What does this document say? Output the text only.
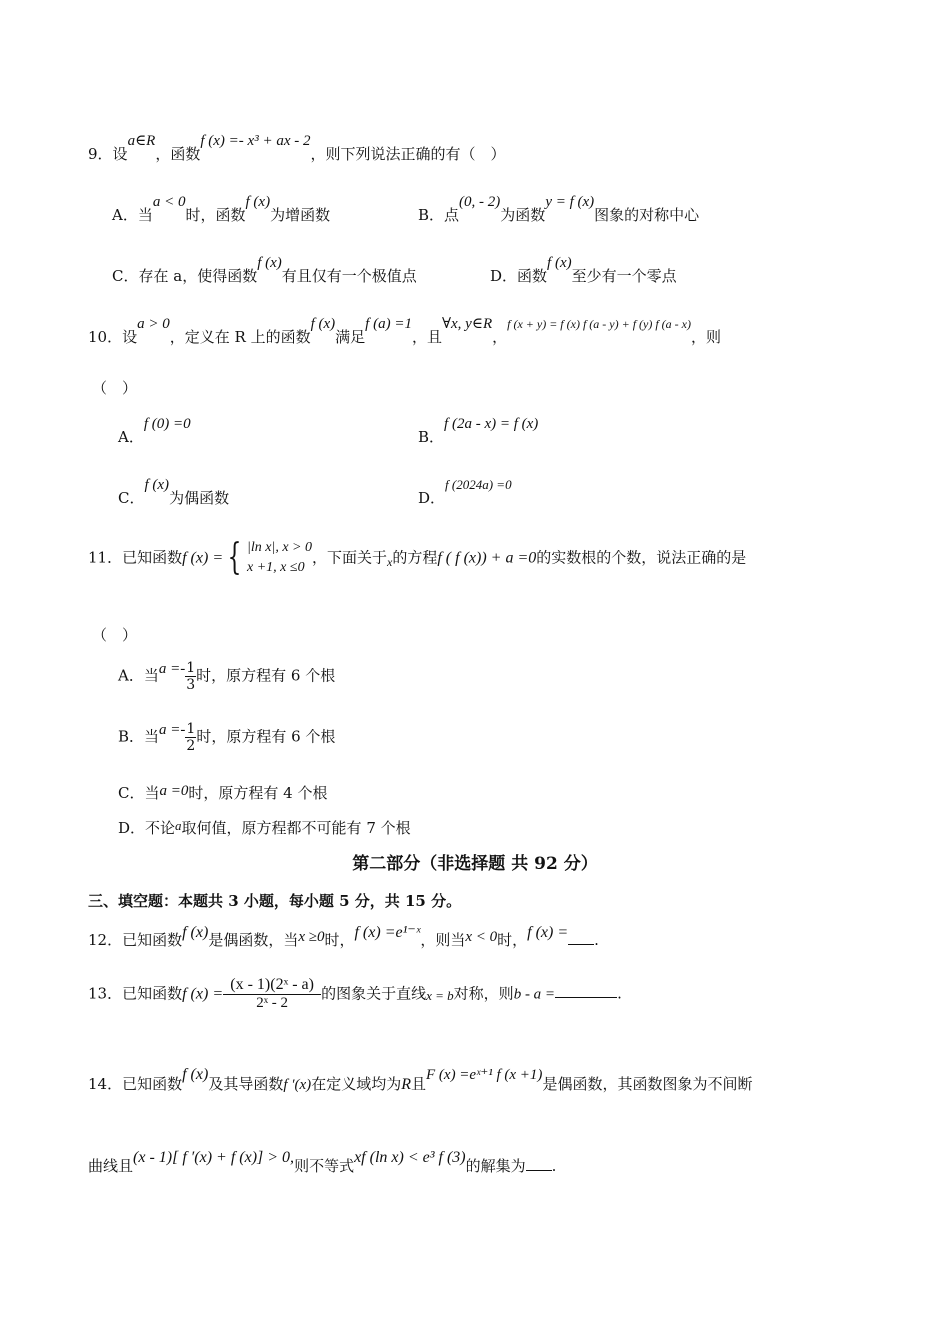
9．设a∈R，函数f (x) =- x³ + ax - 2，则下列说法正确的有（　）
A．当a < 0时，函数f (x)为增函数	B．点(0, - 2)为函数y = f (x)图象的对称中心
C．存在 a，使得函数f (x)有且仅有一个极值点	D．函数f (x)至少有一个零点
10．设a > 0，定义在 R 上的函数f (x)满足f (a) =1，且∀x, y∈R，$^{f (x + y) = f (x) f (a - y) + f (y) f (a - x)}$，则
（　）
A．f (0) =0
B．f (2a - x) = f (x)
C．f (x)为偶函数	D．f (2024a) =0
11．已知函数f (x) = { |ln x|, x > 0
x +1, x ≤0
，下面关于$_x$的方程f ( f (x)) + a =0的实数根的个数，说法正确的是
（　）
A．当$a =- \frac{1}{3}$ 时，原方程有 6 个根
B．当$a =- \frac{1}{2}$ 时，原方程有 6 个根
C．当a =0时，原方程有 4 个根
D．不论a取何值，原方程都不可能有 7 个根
第二部分（非选择题 共 92 分）
三、填空题：本题共 3 小题，每小题 5 分，共 15 分。
12．已知函数f (x)是偶函数，当x ≥0时，f (x) =e¹⁻ˣ，则当x < 0时，f (x) = .
13．已知函数f $(x) = \frac{\text{(x - 1)(2ˣ - a)}}{\text{2ˣ - 2}}$ 的图象关于直线x = b对称，则b - a =	.
14．已知函数f (x)及其导函数f ′(x)在定义域均为R且F (x) =eˣ⁺¹ f (x +1)是偶函数，其函数图象为不间断
曲线且(x - 1)[ f ′(x) + f (x)] > 0,则不等式xf (ln x) < e³ f (3)的解集为 .
